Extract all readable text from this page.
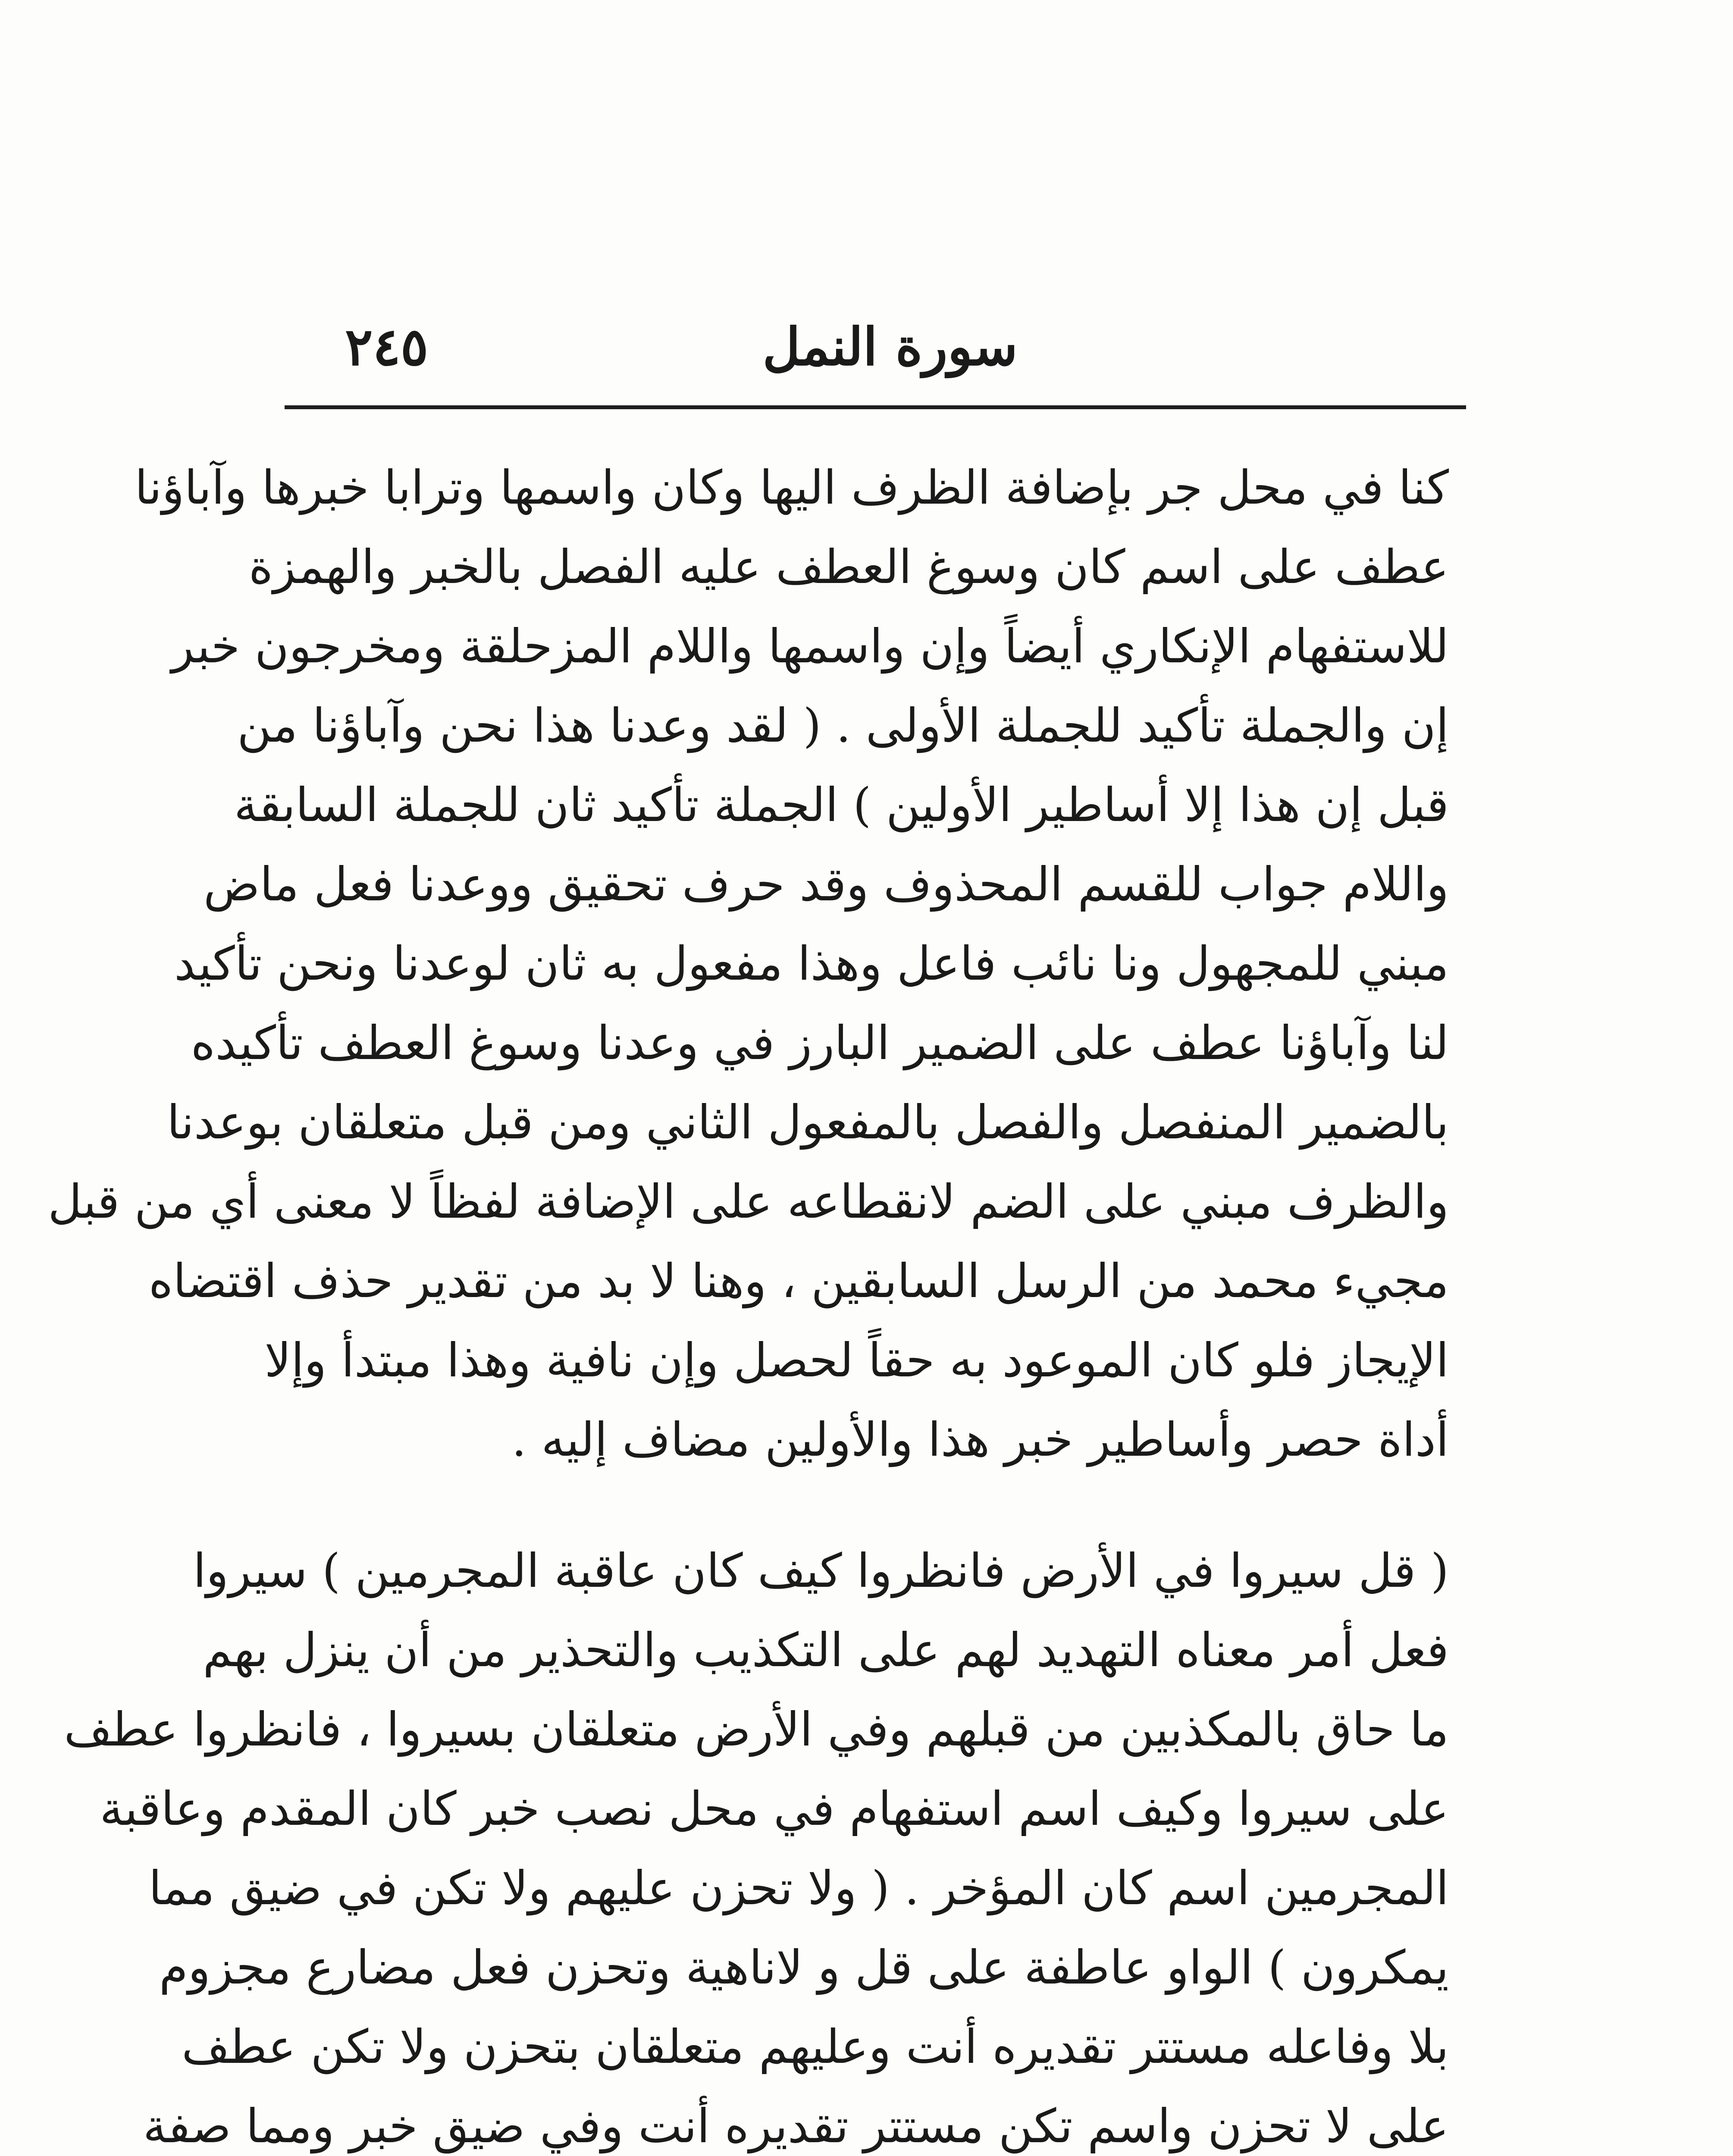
سورة النمل
٢٤٥
كنا في محل جر بإضافة الظرف اليها وكان واسمها وترابا خبرها وآباؤنا
عطف على اسم كان وسوغ العطف عليه الفصل بالخبر والهمزة
للاستفهام الإنكاري أيضاً وإن واسمها واللام المزحلقة ومخرجون خبر
إن والجملة تأكيد للجملة الأولى . ( لقد وعدنا هذا نحن وآباؤنا من
قبل إن هذا إلا أساطير الأولين ) الجملة تأكيد ثان للجملة السابقة
واللام جواب للقسم المحذوف وقد حرف تحقيق ووعدنا فعل ماض
مبني للمجهول ونا نائب فاعل وهذا مفعول به ثان لوعدنا ونحن تأكيد
لنا وآباؤنا عطف على الضمير البارز في وعدنا وسوغ العطف تأكيده
بالضمير المنفصل والفصل بالمفعول الثاني ومن قبل متعلقان بوعدنا
والظرف مبني على الضم لانقطاعه على الإضافة لفظاً لا معنى أي من قبل
مجيء محمد من الرسل السابقين ، وهنا لا بد من تقدير حذف اقتضاه
الإيجاز فلو كان الموعود به حقاً لحصل وإن نافية وهذا مبتدأ وإلا
أداة حصر وأساطير خبر هذا والأولين مضاف إليه .
( قل سيروا في الأرض فانظروا كيف كان عاقبة المجرمين ) سيروا
فعل أمر معناه التهديد لهم على التكذيب والتحذير من أن ينزل بهم
ما حاق بالمكذبين من قبلهم وفي الأرض متعلقان بسيروا ، فانظروا عطف
على سيروا وكيف اسم استفهام في محل نصب خبر كان المقدم وعاقبة
المجرمين اسم كان المؤخر . ( ولا تحزن عليهم ولا تكن في ضيق مما
يمكرون ) الواو عاطفة على قل و لاناهية وتحزن فعل مضارع مجزوم
بلا وفاعله مستتر تقديره أنت وعليهم متعلقان بتحزن ولا تكن عطف
على لا تحزن واسم تكن مستتر تقديره أنت وفي ضيق خبر ومما صفة
